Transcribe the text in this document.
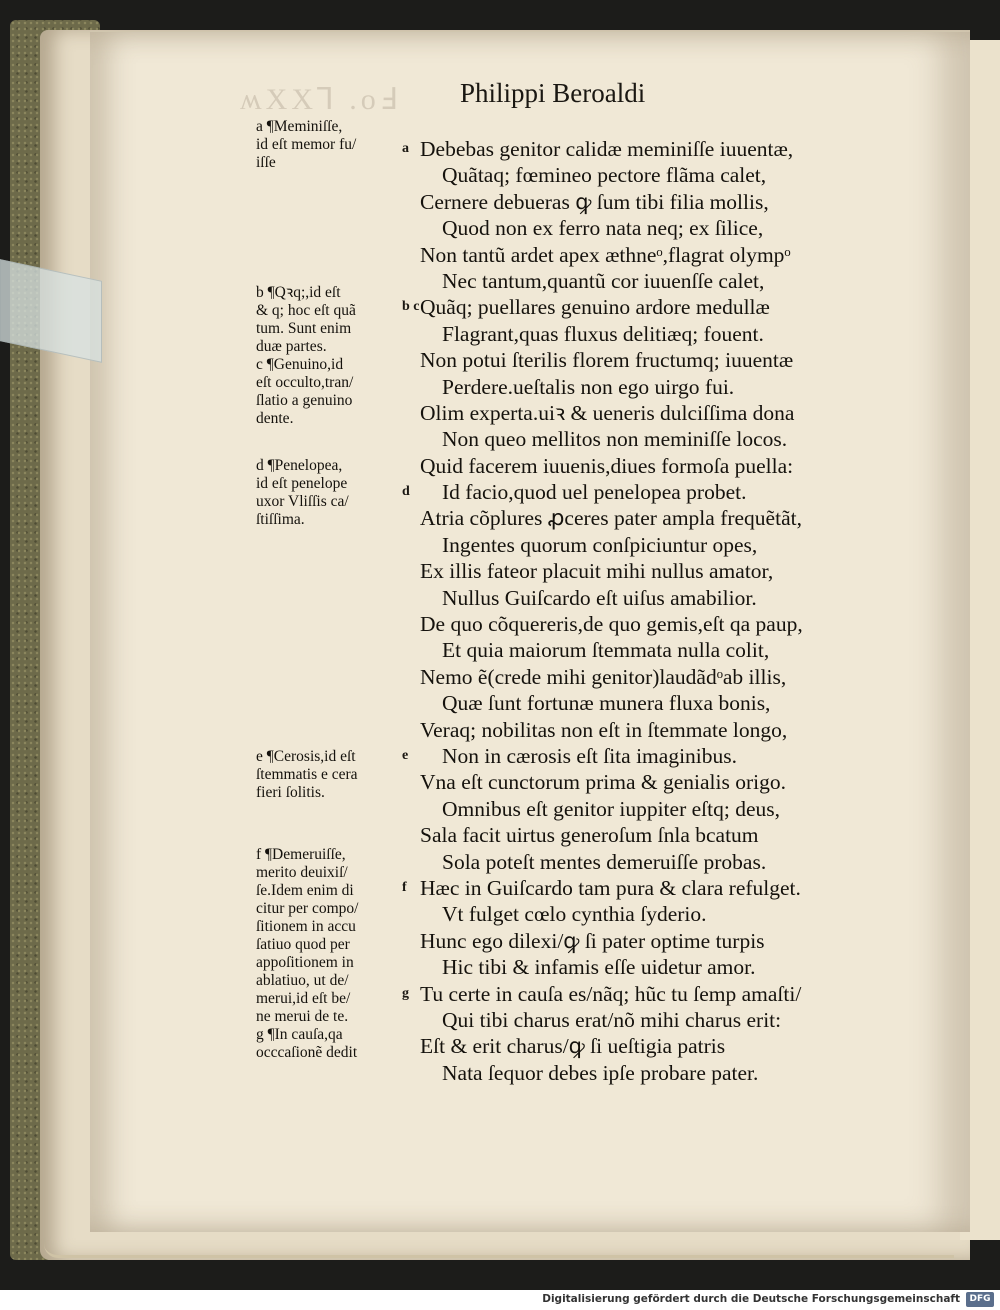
ʍXXꓶ .oℲ Philippi Beroaldi
a Debebas genitor calidæ meminiſſe iuuentæ,
Quãtaq; fœmineo pectore flãma calet,
Cernere debueras ꝙ ſum tibi filia mollis,
Quod non ex ferro nata neq; ex ſilice,
Non tantũ ardet apex æthneᵒ,flagrat olympᵒ
Nec tantum,quantũ cor iuuenſſe calet,
b c Quãq; puellares genuino ardore medullæ
Flagrant,quas fluxus delitiæq; fouent.
Non potui ſterilis florem fructumq; iuuentæ
Perdere.ueſtalis non ego uirgo fui.
Olim experta.uiꝛ & ueneris dulciſſima dona
Non queo mellitos non meminiſſe locos.
Quid facerem iuuenis,diues formoſa puella:
d Id facio,quod uel penelopea probet.
Atria cõplures ꝓceres pater ampla frequẽtãt,
Ingentes quorum conſpiciuntur opes,
Ex illis fateor placuit mihi nullus amator,
Nullus Guiſcardo eſt uiſus amabilior.
De quo cõquereris,de quo gemis,eſt qa paup,
Et quia maiorum ſtemmata nulla colit,
Nemo ẽ(crede mihi genitor)laudãdᵒab illis,
Quæ ſunt fortunæ munera fluxa bonis,
Veraq; nobilitas non eſt in ſtemmate longo,
e Non in cærosis eſt ſita imaginibus.
Vna eſt cunctorum prima & genialis origo.
Omnibus eſt genitor iuppiter eſtq; deus,
Sala facit uirtus generoſum ſnla bcatum
Sola poteſt mentes demeruiſſe probas.
f Hæc in Guiſcardo tam pura & clara refulget.
Vt fulget cœlo cynthia ſyderio.
Hunc ego dilexi/ꝙ ſi pater optime turpis
Hic tibi & infamis eſſe uidetur amor.
g Tu certe in cauſa es/nãq; hũc tu ſemp amaſti/
Qui tibi charus erat/nõ mihi charus erit:
Eſt & erit charus/ꝙ ſi ueſtigia patris
Nata ſequor debes ipſe probare pater.
a ¶Meminiſſe,
id eſt memor fu/
iſſe
b ¶Qꝛq;,id eſt
& q; hoc eſt quã
tum. Sunt enim
duæ partes.
c ¶Genuino,id
eſt occulto,tran/
ſlatio a genuino
dente.
d ¶Penelopea,
id eſt penelope
uxor Vliſſis ca/
ſtiſſima.
e ¶Cerosis,id eſt
ſtemmatis e cera
fieri ſolitis.
f ¶Demeruiſſe,
merito deuixiſ/
ſe.Idem enim di
citur per compo/
ſitionem in accu
ſatiuo quod per
appoſitionem in
ablatiuo, ut de/
merui,id eſt be/
ne merui de te.
g ¶In cauſa,qa
occcaſionẽ dedit
Digitalisierung gefördert durch die Deutsche Forschungsgemeinschaft	DFG
